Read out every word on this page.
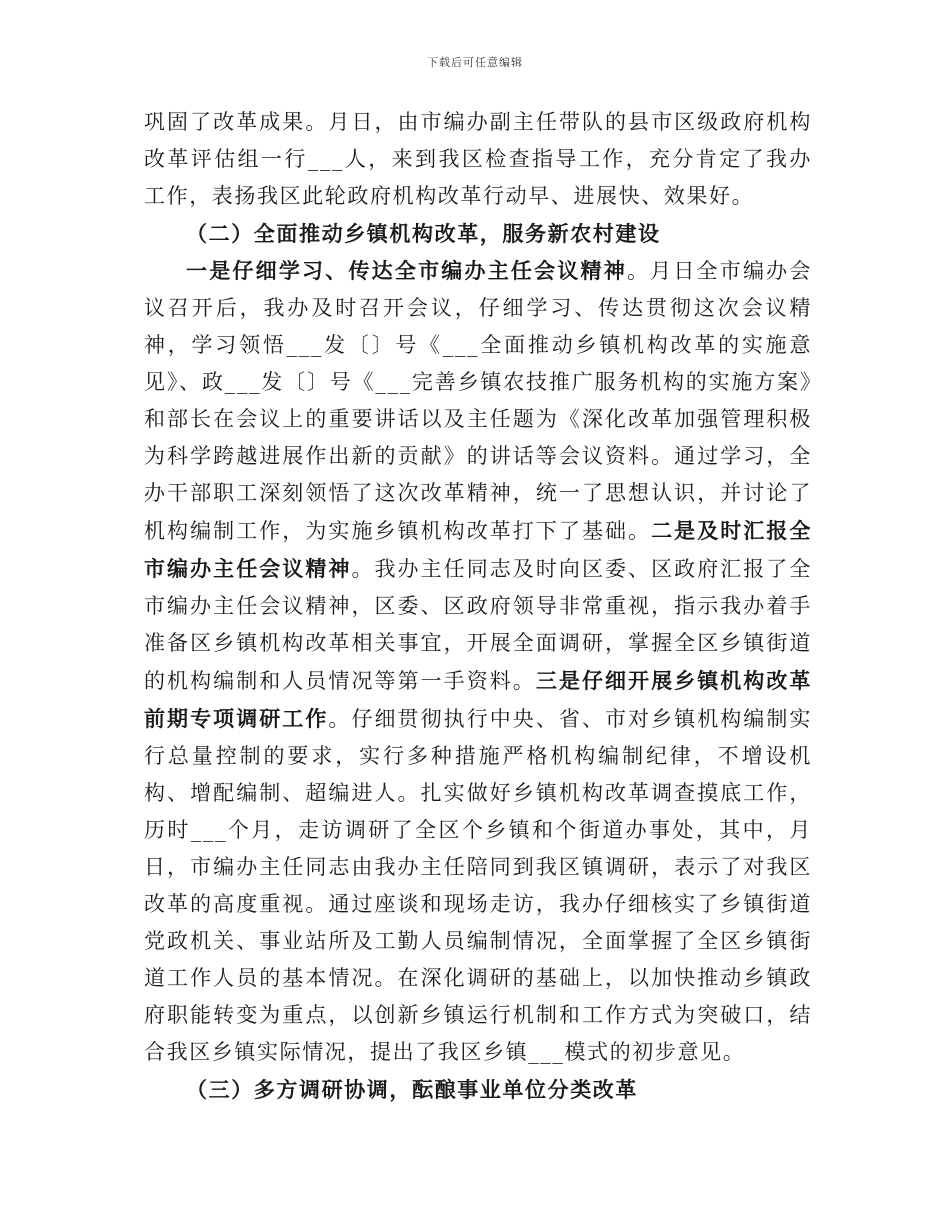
下载后可任意编辑

巩固了改革成果。月日，由市编办副主任带队的县市区级政府机构改革评估组一行___人，来到我区检查指导工作，充分肯定了我办工作，表扬我区此轮政府机构改革行动早、进展快、效果好。

（二）全面推动乡镇机构改革，服务新农村建设

一是仔细学习、传达全市编办主任会议精神。月日全市编办会议召开后，我办及时召开会议，仔细学习、传达贯彻这次会议精神，学习领悟___发〔〕号《___全面推动乡镇机构改革的实施意见》、政___发〔〕号《___完善乡镇农技推广服务机构的实施方案》和部长在会议上的重要讲话以及主任题为《深化改革加强管理积极为科学跨越进展作出新的贡献》的讲话等会议资料。通过学习，全办干部职工深刻领悟了这次改革精神，统一了思想认识，并讨论了机构编制工作，为实施乡镇机构改革打下了基础。二是及时汇报全市编办主任会议精神。我办主任同志及时向区委、区政府汇报了全市编办主任会议精神，区委、区政府领导非常重视，指示我办着手准备区乡镇机构改革相关事宜，开展全面调研，掌握全区乡镇街道的机构编制和人员情况等第一手资料。三是仔细开展乡镇机构改革前期专项调研工作。仔细贯彻执行中央、省、市对乡镇机构编制实行总量控制的要求，实行多种措施严格机构编制纪律，不增设机构、增配编制、超编进人。扎实做好乡镇机构改革调查摸底工作，历时___个月，走访调研了全区个乡镇和个街道办事处，其中，月日，市编办主任同志由我办主任陪同到我区镇调研，表示了对我区改革的高度重视。通过座谈和现场走访，我办仔细核实了乡镇街道党政机关、事业站所及工勤人员编制情况，全面掌握了全区乡镇街道工作人员的基本情况。在深化调研的基础上，以加快推动乡镇政府职能转变为重点，以创新乡镇运行机制和工作方式为突破口，结合我区乡镇实际情况，提出了我区乡镇___模式的初步意见。

（三）多方调研协调，酝酿事业单位分类改革
